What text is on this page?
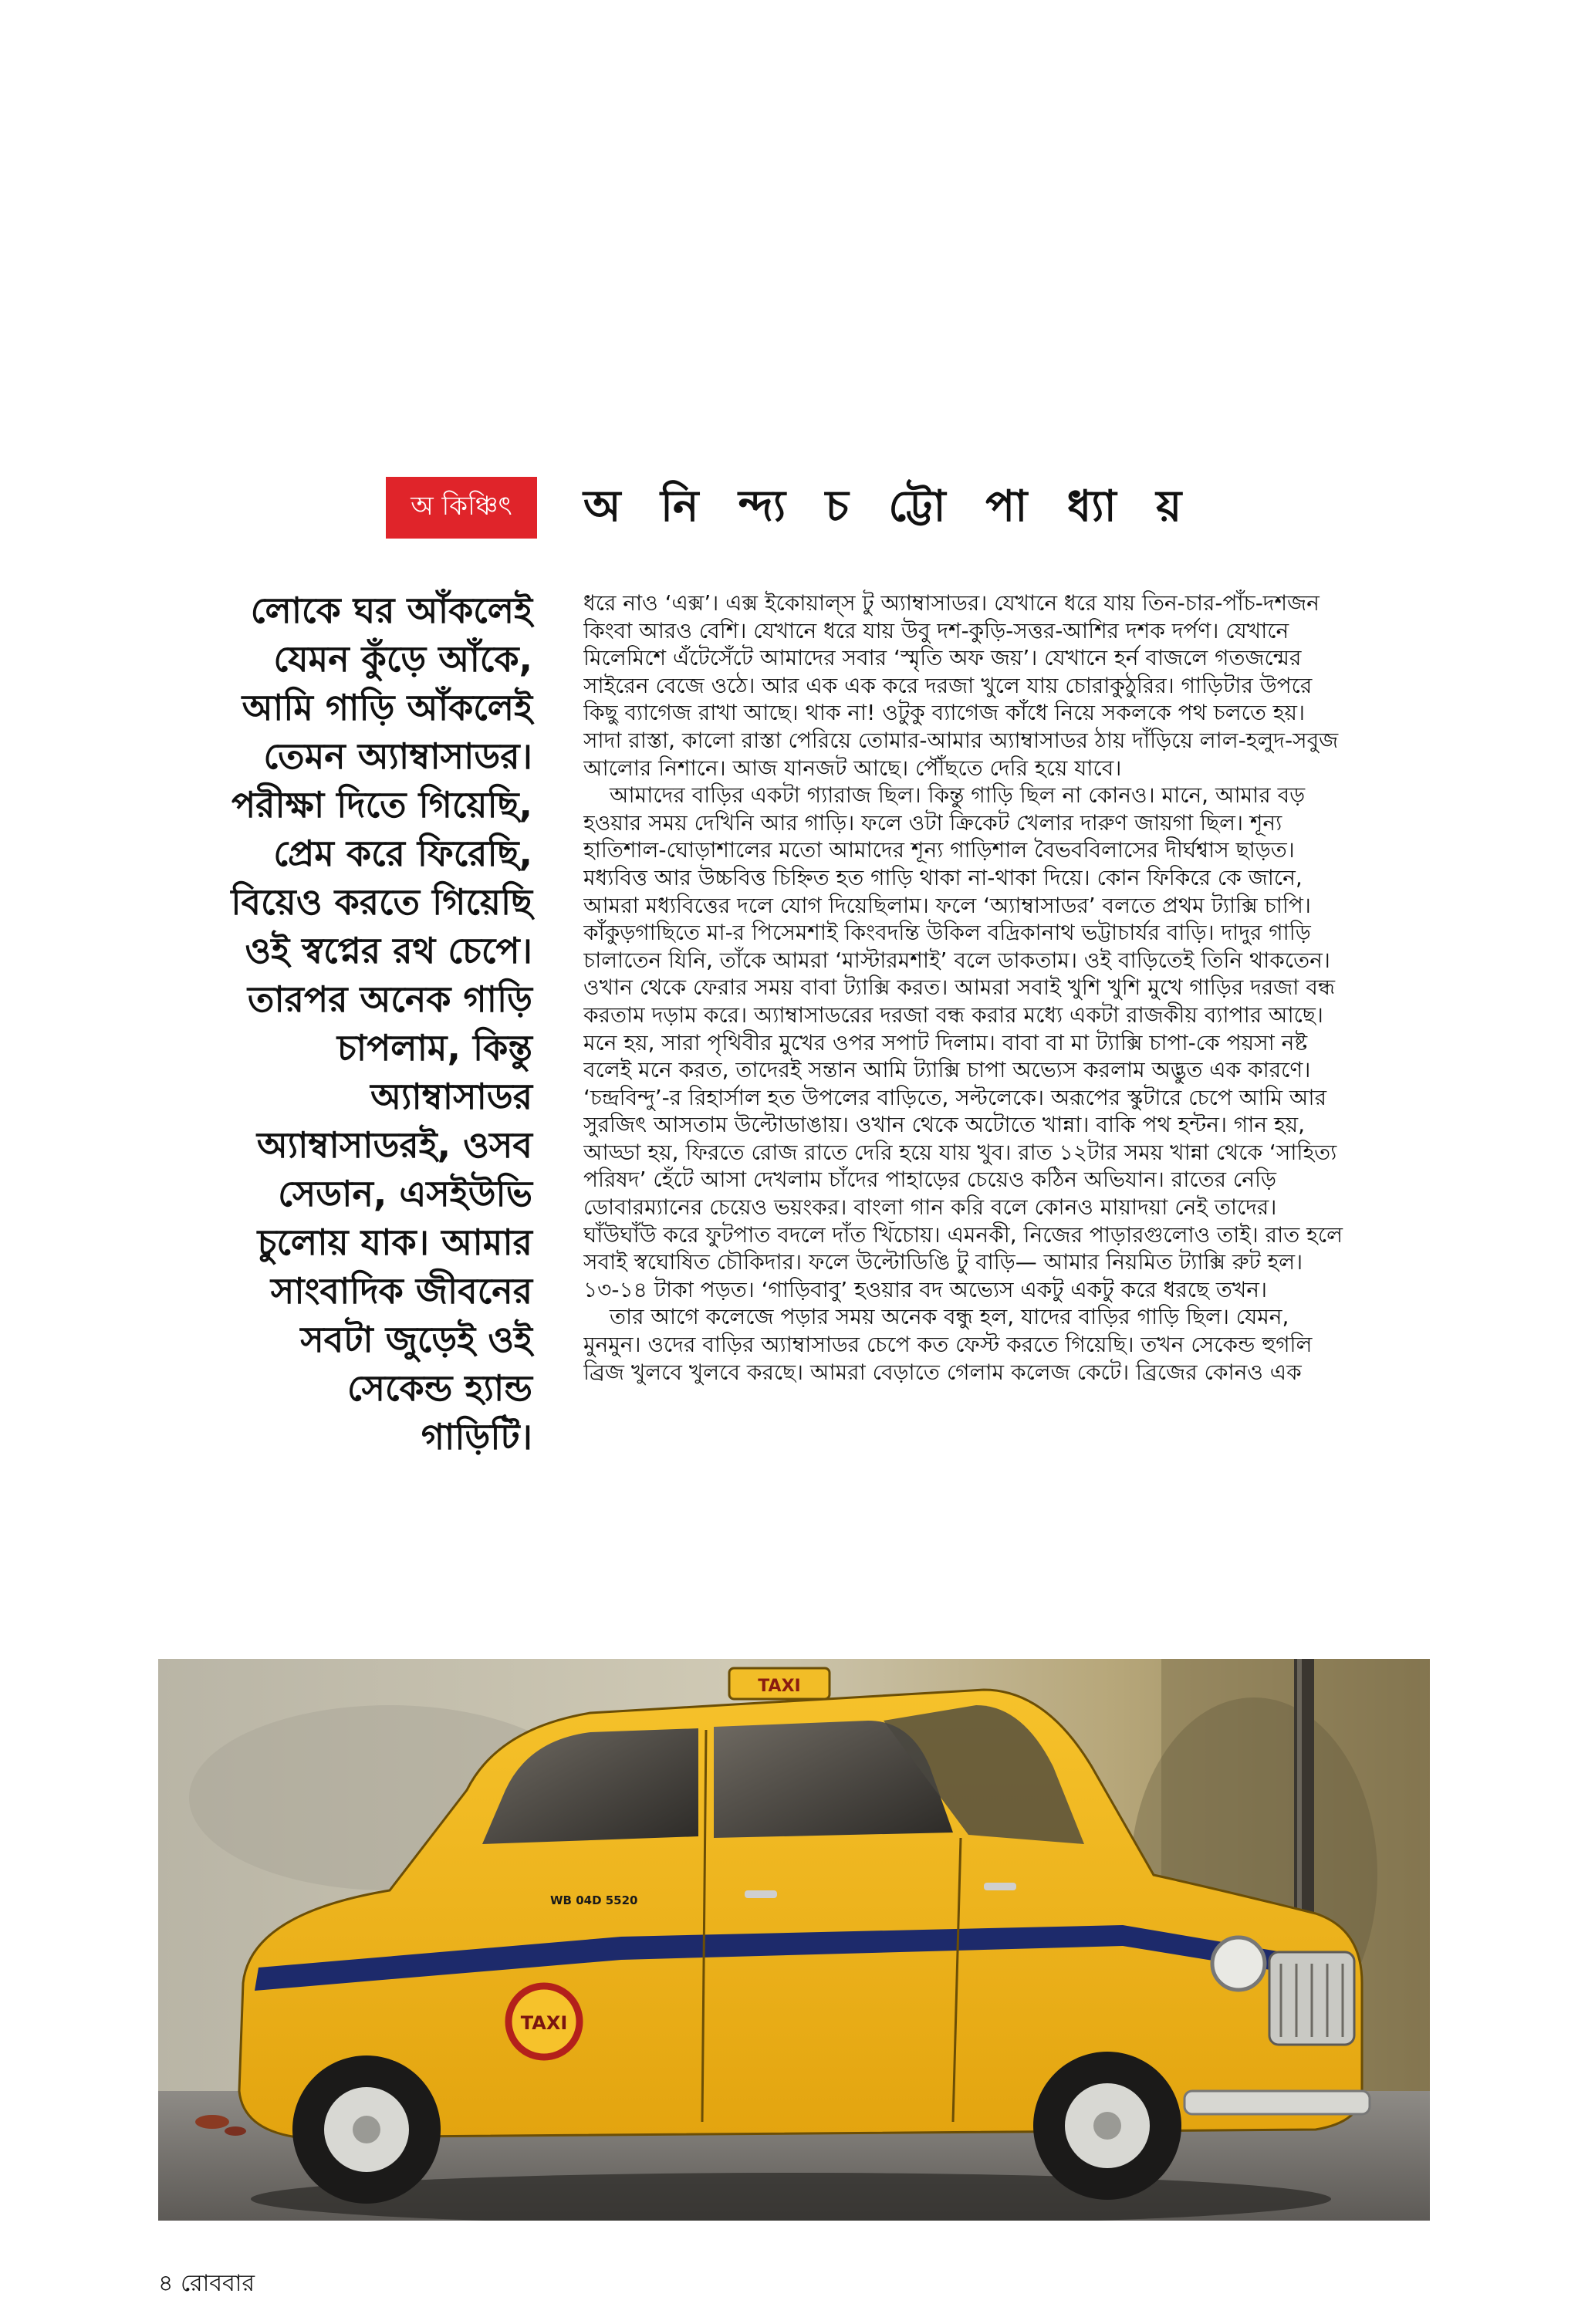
অ কিঞ্চিৎ	অ নি ন্দ্য চ ট্টো পা ধ্যা য়
লোকে ঘর আঁকলেই
যেমন কুঁড়ে আঁকে,
আমি গাড়ি আঁকলেই
তেমন অ্যাম্বাসাডর।
পরীক্ষা দিতে গিয়েছি,
প্রেম করে ফিরেছি,
বিয়েও করতে গিয়েছি
ওই স্বপ্নের রথ চেপে।
তারপর অনেক গাড়ি
চাপলাম, কিন্তু
অ্যাম্বাসাডর
অ্যাম্বাসাডরই, ওসব
সেডান, এসইউভি
চুলোয় যাক। আমার
সাংবাদিক জীবনের
সবটা জুড়েই ওই
সেকেন্ড হ্যান্ড
গাড়িটি।
ধরে নাও ‘এক্স’। এক্স ইকোয়াল্‌স টু অ্যাম্বাসাডর। যেখানে ধরে যায় তিন-চার-পাঁচ-দশজন
কিংবা আরও বেশি। যেখানে ধরে যায় উবু দশ-কুড়ি-সত্তর-আশির দশক দর্পণ। যেখানে
মিলেমিশে এঁটেসেঁটে আমাদের সবার ‘স্মৃতি অফ জয়’। যেখানে হর্ন বাজলে গতজন্মের
সাইরেন বেজে ওঠে। আর এক এক করে দরজা খুলে যায় চোরাকুঠুরির। গাড়িটার উপরে
কিছু ব্যাগেজ রাখা আছে। থাক না! ওটুকু ব্যাগেজ কাঁধে নিয়ে সকলকে পথ চলতে হয়।
সাদা রাস্তা, কালো রাস্তা পেরিয়ে তোমার-আমার অ্যাম্বাসাডর ঠায় দাঁড়িয়ে লাল-হলুদ-সবুজ
আলোর নিশানে। আজ যানজট আছে। পৌঁছতে দেরি হয়ে যাবে।
আমাদের বাড়ির একটা গ্যারাজ ছিল। কিন্তু গাড়ি ছিল না কোনও। মানে, আমার বড়
হওয়ার সময় দেখিনি আর গাড়ি। ফলে ওটা ক্রিকেট খেলার দারুণ জায়গা ছিল। শূন্য
হাতিশাল-ঘোড়াশালের মতো আমাদের শূন্য গাড়িশাল বৈভববিলাসের দীর্ঘশ্বাস ছাড়ত।
মধ্যবিত্ত আর উচ্চবিত্ত চিহ্নিত হত গাড়ি থাকা না-থাকা দিয়ে। কোন ফিকিরে কে জানে,
আমরা মধ্যবিত্তের দলে যোগ দিয়েছিলাম। ফলে ‘অ্যাম্বাসাডর’ বলতে প্রথম ট্যাক্সি চাপি।
কাঁকুড়গাছিতে মা-র পিসেমশাই কিংবদন্তি উকিল বদ্রিকানাথ ভট্টাচার্যর বাড়ি। দাদুর গাড়ি
চালাতেন যিনি, তাঁকে আমরা ‘মাস্টারমশাই’ বলে ডাকতাম। ওই বাড়িতেই তিনি থাকতেন।
ওখান থেকে ফেরার সময় বাবা ট্যাক্সি করত। আমরা সবাই খুশি খুশি মুখে গাড়ির দরজা বন্ধ
করতাম দড়াম করে। অ্যাম্বাসাডরের দরজা বন্ধ করার মধ্যে একটা রাজকীয় ব্যাপার আছে।
মনে হয়, সারা পৃথিবীর মুখের ওপর সপাট দিলাম। বাবা বা মা ট্যাক্সি চাপা-কে পয়সা নষ্ট
বলেই মনে করত, তাদেরই সন্তান আমি ট্যাক্সি চাপা অভ্যেস করলাম অদ্ভুত এক কারণে।
‘চন্দ্রবিন্দু’-র রিহার্সাল হত উপলের বাড়িতে, সল্টলেকে। অরূপের স্কুটারে চেপে আমি আর
সুরজিৎ আসতাম উল্টোডাঙায়। ওখান থেকে অটোতে খান্না। বাকি পথ হন্টন। গান হয়,
আড্ডা হয়, ফিরতে রোজ রাতে দেরি হয়ে যায় খুব। রাত ১২টার সময় খান্না থেকে ‘সাহিত্য
পরিষদ’ হেঁটে আসা দেখলাম চাঁদের পাহাড়ের চেয়েও কঠিন অভিযান। রাতের নেড়ি
ডোবারম্যানের চেয়েও ভয়ংকর। বাংলা গান করি বলে কোনও মায়াদয়া নেই তাদের।
ঘাঁউঘাঁউ করে ফুটপাত বদলে দাঁত খিঁচোয়। এমনকী, নিজের পাড়ারগুলোও তাই। রাত হলে
সবাই স্বঘোষিত চৌকিদার। ফলে উল্টোডিঙি টু বাড়ি— আমার নিয়মিত ট্যাক্সি রুট হল।
১৩-১৪ টাকা পড়ত। ‘গাড়িবাবু’ হওয়ার বদ অভ্যেস একটু একটু করে ধরছে তখন।
তার আগে কলেজে পড়ার সময় অনেক বন্ধু হল, যাদের বাড়ির গাড়ি ছিল। যেমন,
মুনমুন। ওদের বাড়ির অ্যাম্বাসাডর চেপে কত ফেস্ট করতে গিয়েছি। তখন সেকেন্ড হুগলি
ব্রিজ খুলবে খুলবে করছে। আমরা বেড়াতে গেলাম কলেজ কেটে। ব্রিজের কোনও এক
TAXI
WB 04D 5520
TAXI
৪ রোববার
